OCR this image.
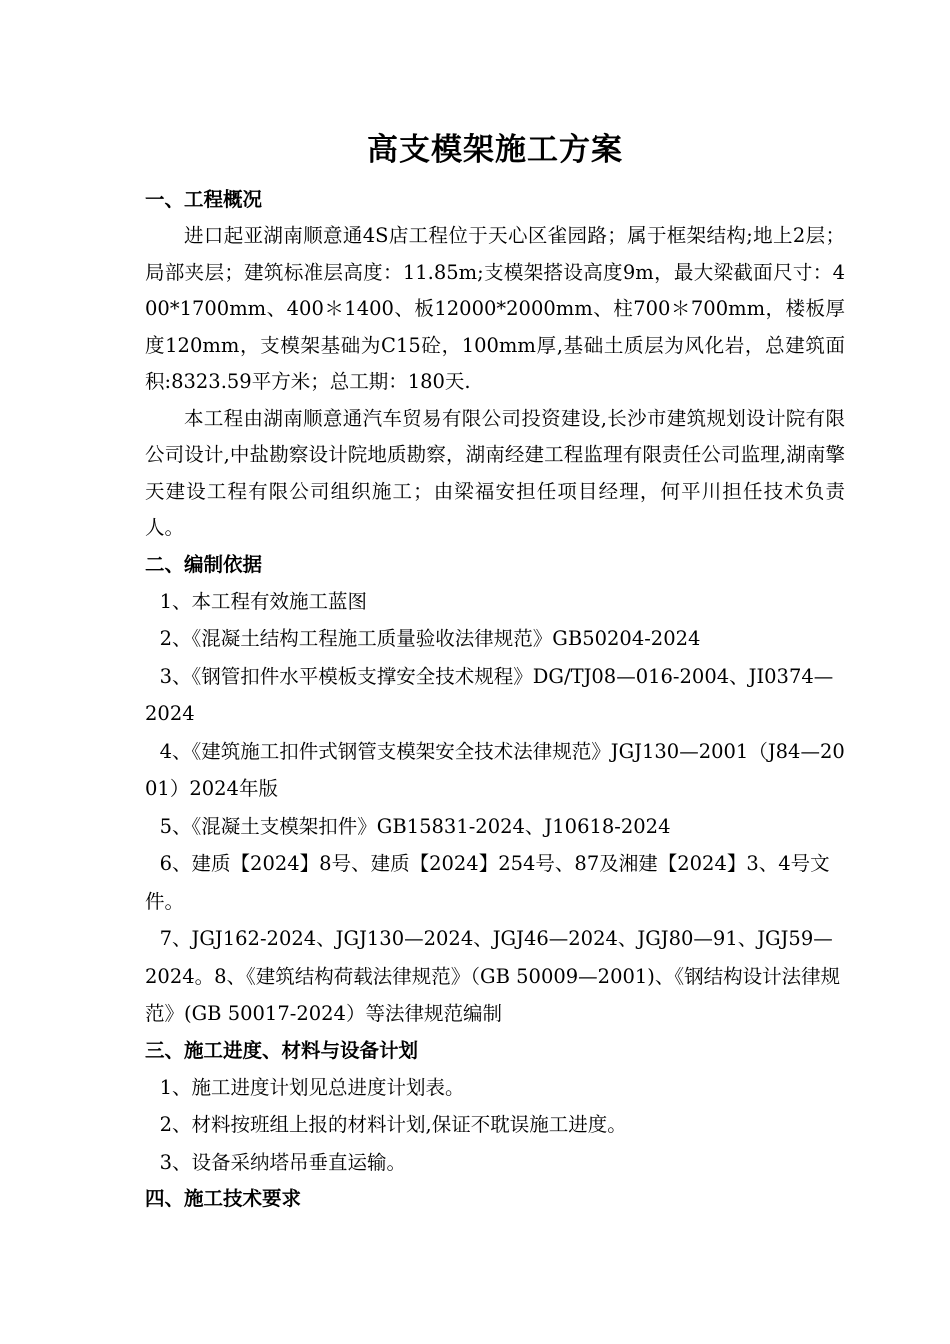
高支模架施工方案
一、工程概况

进口起亚湖南顺意通4S店工程位于天心区雀园路；属于框架结构;地上2层；局部夹层；建筑标准层高度：11.85m;支模架搭设高度9m，最大梁截面尺寸：400*1700mm、400＊1400、板12000*2000mm、柱700＊700mm，楼板厚度120mm，支模架基础为C15砼，100mm厚,基础土质层为风化岩，总建筑面积:8323.59平方米；总工期：180天.

本工程由湖南顺意通汽车贸易有限公司投资建设,长沙市建筑规划设计院有限公司设计,中盐勘察设计院地质勘察，湖南经建工程监理有限责任公司监理,湖南擎天建设工程有限公司组织施工；由梁福安担任项目经理，何平川担任技术负责人。

二、编制依据

1、本工程有效施工蓝图

2、《混凝土结构工程施工质量验收法律规范》GB50204-2024

3、《钢管扣件水平模板支撑安全技术规程》DG/TJ08—016-2004、JI0374—2024

4、《建筑施工扣件式钢管支模架安全技术法律规范》JGJ130—2001（J84—2001）2024年版

5、《混凝土支模架扣件》GB15831-2024、J10618-2024

6、建质【2024】8号、建质【2024】254号、87及湘建【2024】3、4号文件。

7、JGJ162-2024、JGJ130—2024、JGJ46—2024、JGJ80—91、JGJ59—2024。8、《建筑结构荷载法律规范》（GB 50009—2001)、《钢结构设计法律规范》(GB 50017-2024）等法律规范编制

三、施工进度、材料与设备计划

1、施工进度计划见总进度计划表。

2、材料按班组上报的材料计划,保证不耽误施工进度。

3、设备采纳塔吊垂直运输。

四、施工技术要求
